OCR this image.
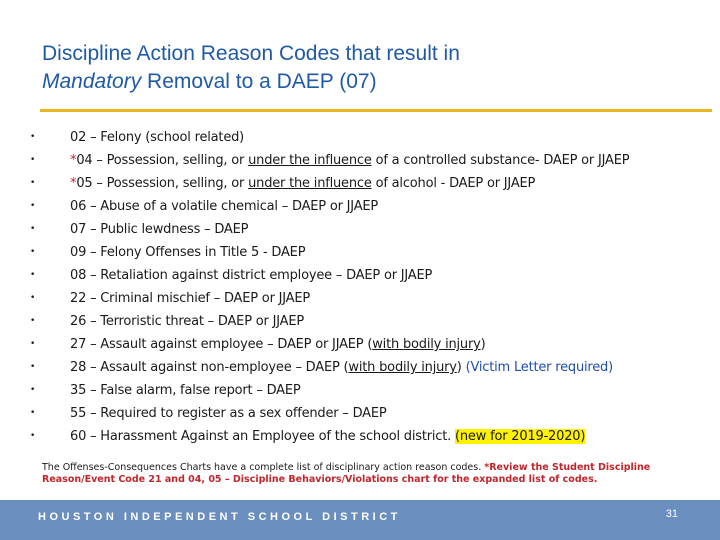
Discipline Action Reason Codes that result in
Mandatory Removal to a DAEP (07)
•	02 – Felony (school related)
•	*04 – Possession, selling, or under the influence of a controlled substance- DAEP or JJAEP
•	*05 – Possession, selling, or under the influence of alcohol - DAEP or JJAEP
•	06 – Abuse of a volatile chemical – DAEP or JJAEP
•	07 – Public lewdness – DAEP
•	09 – Felony Offenses in Title 5 - DAEP
•	08 – Retaliation against district employee – DAEP or JJAEP
•	22 – Criminal mischief – DAEP or JJAEP
•	26 – Terroristic threat – DAEP or JJAEP
•	27 – Assault against employee – DAEP or JJAEP (with bodily injury)
•	28 – Assault against non-employee – DAEP (with bodily injury) (Victim Letter required)
•	35 – False alarm, false report – DAEP
•	55 – Required to register as a sex offender – DAEP
•	60 – Harassment Against an Employee of the school district. (new for 2019-2020)
The Offenses-Consequences Charts have a complete list of disciplinary action reason codes. *Review the Student Discipline Reason/Event Code 21 and 04, 05 – Discipline Behaviors/Violations chart for the expanded list of codes.
HOUSTON INDEPENDENT SCHOOL DISTRICT	31
